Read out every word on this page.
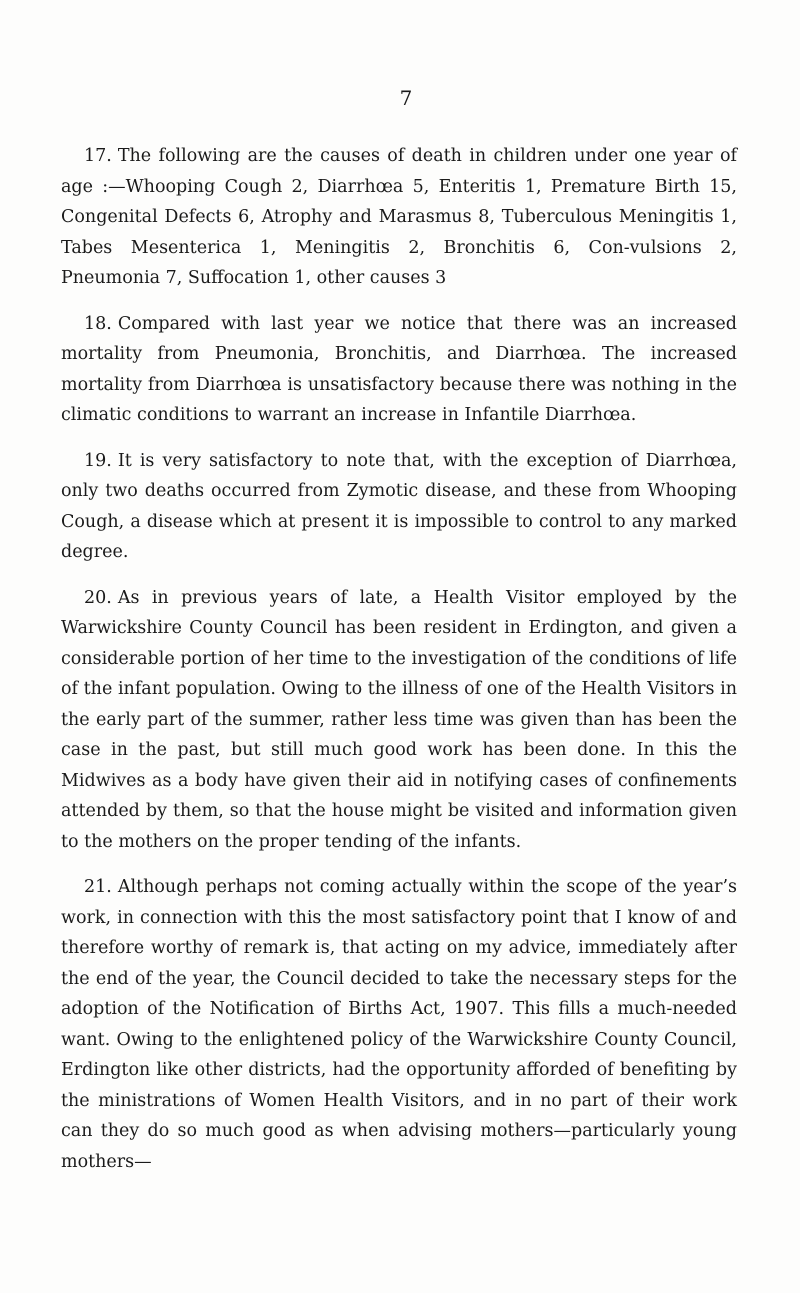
7

17. The following are the causes of death in children under one year of age :—Whooping Cough 2, Diarrhœa 5, Enteritis 1, Premature Birth 15, Congenital Defects 6, Atrophy and Marasmus 8, Tuberculous Meningitis 1, Tabes Mesenterica 1, Meningitis 2, Bronchitis 6, Con-vulsions 2, Pneumonia 7, Suffocation 1, other causes 3

18. Compared with last year we notice that there was an increased mortality from Pneumonia, Bronchitis, and Diarrhœa. The increased mortality from Diarrhœa is unsatisfactory because there was nothing in the climatic conditions to warrant an increase in Infantile Diarrhœa.

19. It is very satisfactory to note that, with the exception of Diarrhœa, only two deaths occurred from Zymotic disease, and these from Whooping Cough, a disease which at present it is impossible to control to any marked degree.

20. As in previous years of late, a Health Visitor employed by the Warwickshire County Council has been resident in Erdington, and given a considerable portion of her time to the investigation of the conditions of life of the infant population. Owing to the illness of one of the Health Visitors in the early part of the summer, rather less time was given than has been the case in the past, but still much good work has been done. In this the Midwives as a body have given their aid in notifying cases of confinements attended by them, so that the house might be visited and information given to the mothers on the proper tending of the infants.

21. Although perhaps not coming actually within the scope of the year’s work, in connection with this the most satisfactory point that I know of and therefore worthy of remark is, that acting on my advice, immediately after the end of the year, the Council decided to take the necessary steps for the adoption of the Notification of Births Act, 1907. This fills a much-needed want. Owing to the enlightened policy of the Warwickshire County Council, Erdington like other districts, had the opportunity afforded of benefiting by the ministrations of Women Health Visitors, and in no part of their work can they do so much good as when advising mothers—particularly young mothers—
